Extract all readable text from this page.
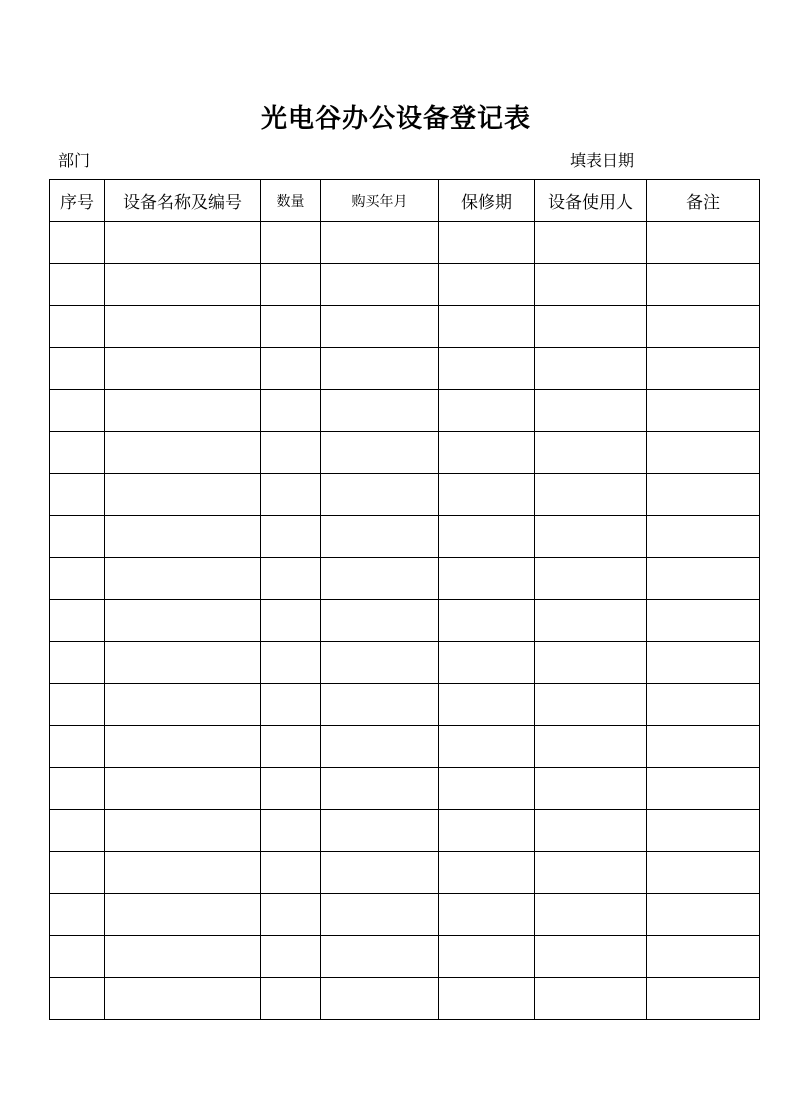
光电谷办公设备登记表
部门	填表日期
序号	设备名称及编号	数量	购买年月	保修期	设备使用人	备注
